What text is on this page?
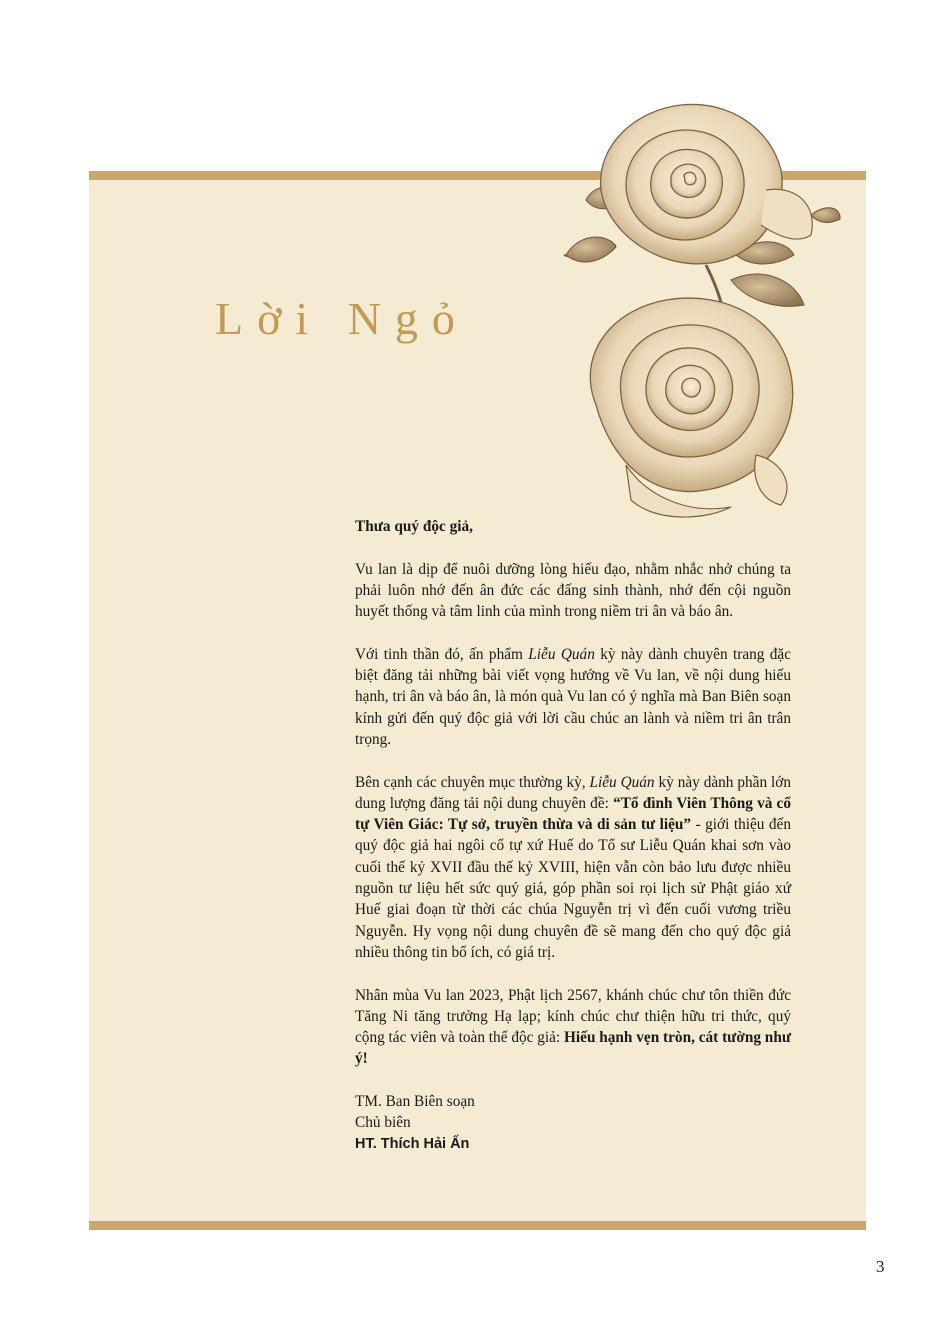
Lời Ngỏ

Thưa quý độc giả,

Vu lan là dịp để nuôi dưỡng lòng hiếu đạo, nhằm nhắc nhở chúng ta phải luôn nhớ đến ân đức các đấng sinh thành, nhớ đến cội nguồn huyết thống và tâm linh của mình trong niềm tri ân và báo ân.

Với tinh thần đó, ấn phẩm Liễu Quán kỳ này dành chuyên trang đặc biệt đăng tải những bài viết vọng hướng về Vu lan, về nội dung hiếu hạnh, tri ân và báo ân, là món quà Vu lan có ý nghĩa mà Ban Biên soạn kính gửi đến quý độc giả với lời cầu chúc an lành và niềm tri ân trân trọng.

Bên cạnh các chuyên mục thường kỳ, Liễu Quán kỳ này dành phần lớn dung lượng đăng tải nội dung chuyên đề: “Tổ đình Viên Thông và cổ tự Viên Giác: Tự sở, truyền thừa và di sản tư liệu” - giới thiệu đến quý độc giả hai ngôi cổ tự xứ Huế do Tổ sư Liễu Quán khai sơn vào cuối thế kỷ XVII đầu thế kỷ XVIII, hiện vẫn còn bảo lưu được nhiều nguồn tư liệu hết sức quý giá, góp phần soi rọi lịch sử Phật giáo xứ Huế giai đoạn từ thời các chúa Nguyễn trị vì đến cuối vương triều Nguyễn. Hy vọng nội dung chuyên đề sẽ mang đến cho quý độc giả nhiều thông tin bổ ích, có giá trị.

Nhân mùa Vu lan 2023, Phật lịch 2567, khánh chúc chư tôn thiền đức Tăng Ni tăng trưởng Hạ lạp; kính chúc chư thiện hữu tri thức, quý cộng tác viên và toàn thể độc giả: Hiếu hạnh vẹn tròn, cát tường như ý!

TM. Ban Biên soạn

Chủ biên

HT. Thích Hải Ấn

3
